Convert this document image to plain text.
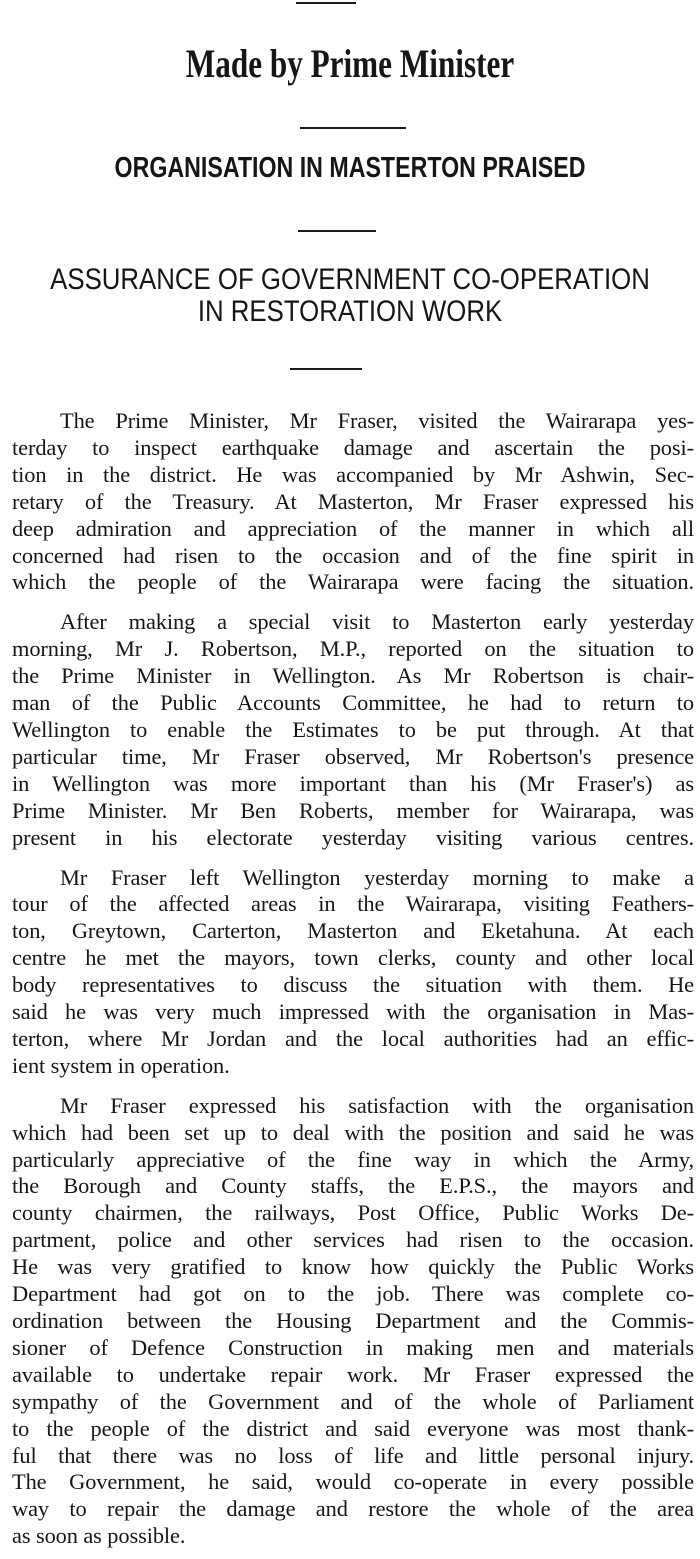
Made by Prime Minister
ORGANISATION IN MASTERTON PRAISED
ASSURANCE OF GOVERNMENT CO-OPERATION
IN RESTORATION WORK
The Prime Minister, Mr Fraser, visited the Wairarapa yes-
terday to inspect earthquake damage and ascertain the posi-
tion in the district. He was accompanied by Mr Ashwin, Sec-
retary of the Treasury. At Masterton, Mr Fraser expressed his
deep admiration and appreciation of the manner in which all
concerned had risen to the occasion and of the fine spirit in
which the people of the Wairarapa were facing the situation.
After making a special visit to Masterton early yesterday
morning, Mr J. Robertson, M.P., reported on the situation to
the Prime Minister in Wellington. As Mr Robertson is chair-
man of the Public Accounts Committee, he had to return to
Wellington to enable the Estimates to be put through. At that
particular time, Mr Fraser observed, Mr Robertson's presence
in Wellington was more important than his (Mr Fraser's) as
Prime Minister. Mr Ben Roberts, member for Wairarapa, was
present in his electorate yesterday visiting various centres.
Mr Fraser left Wellington yesterday morning to make a
tour of the affected areas in the Wairarapa, visiting Feathers-
ton, Greytown, Carterton, Masterton and Eketahuna. At each
centre he met the mayors, town clerks, county and other local
body representatives to discuss the situation with them. He
said he was very much impressed with the organisation in Mas-
terton, where Mr Jordan and the local authorities had an effic-
ient system in operation.
Mr Fraser expressed his satisfaction with the organisation
which had been set up to deal with the position and said he was
particularly appreciative of the fine way in which the Army,
the Borough and County staffs, the E.P.S., the mayors and
county chairmen, the railways, Post Office, Public Works De-
partment, police and other services had risen to the occasion.
He was very gratified to know how quickly the Public Works
Department had got on to the job. There was complete co-
ordination between the Housing Department and the Commis-
sioner of Defence Construction in making men and materials
available to undertake repair work. Mr Fraser expressed the
sympathy of the Government and of the whole of Parliament
to the people of the district and said everyone was most thank-
ful that there was no loss of life and little personal injury.
The Government, he said, would co-operate in every possible
way to repair the damage and restore the whole of the area
as soon as possible.
